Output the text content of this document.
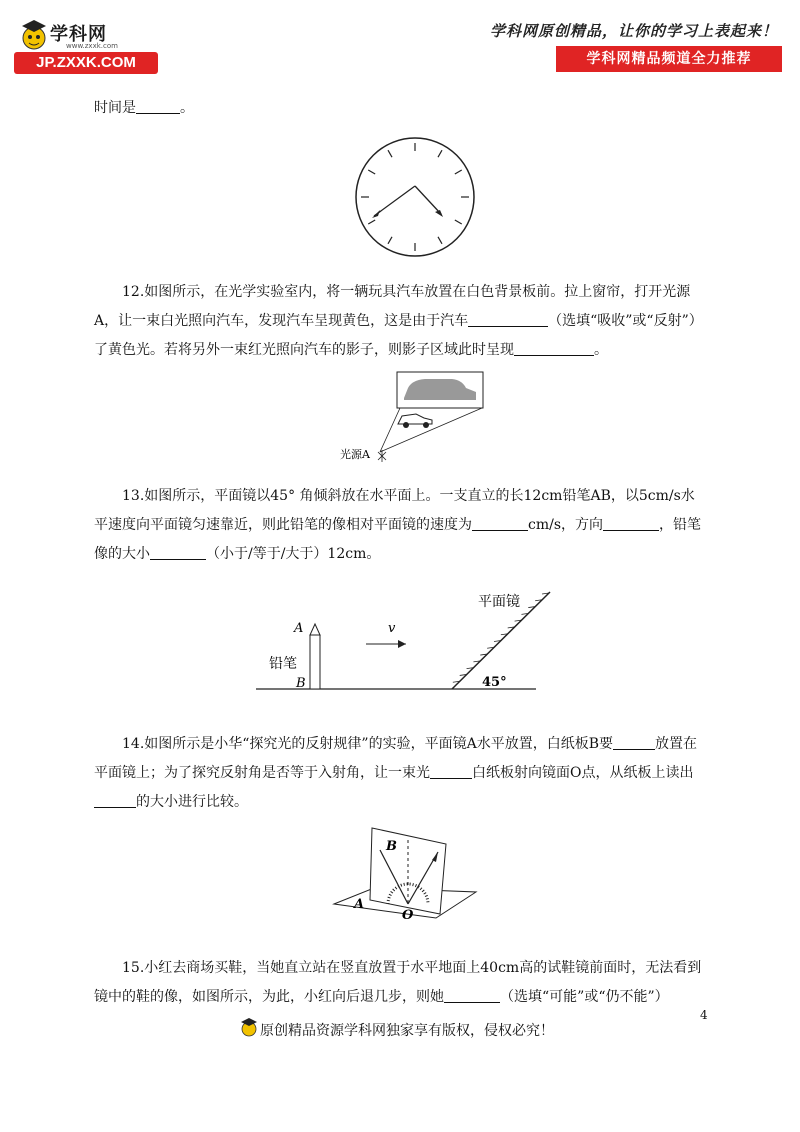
学科网
www.zxxk.com
JP.ZXXK.COM
学科网原创精品，让你的学习上表起来！
学科网精品频道全力推荐

时间是	。

12.如图所示，在光学实验室内，将一辆玩具汽车放置在白色背景板前。拉上窗帘，打开光源A，让一束白光照向汽车，发现汽车呈现黄色，这是由于汽车	（选填“吸收”或“反射”）了黄色光。若将另外一束红光照向汽车的影子，则影子区域此时呈现	。

光源A

13.如图所示，平面镜以45° 角倾斜放在水平面上。一支直立的长12cm铅笔AB，以5cm/s水平速度向平面镜匀速靠近，则此铅笔的像相对平面镜的速度为	cm/s，方向	，铅笔像的大小	（小于/等于/大于）12cm。

A
B
铅笔
v
平面镜
45°

14.如图所示是小华“探究光的反射规律”的实验，平面镜A水平放置，白纸板B要	放置在平面镜上；为了探究反射角是否等于入射角，让一束光	白纸板射向镜面O点，从纸板上读出的大小进行比较。

B
A
O

15.小红去商场买鞋，当她直立站在竖直放置于水平地面上40cm高的试鞋镜前面时，无法看到镜中的鞋的像，如图所示，为此，小红向后退几步，则她	（选填“可能”或“仍不能”）

4
原创精品资源学科网独家享有版权，侵权必究！
